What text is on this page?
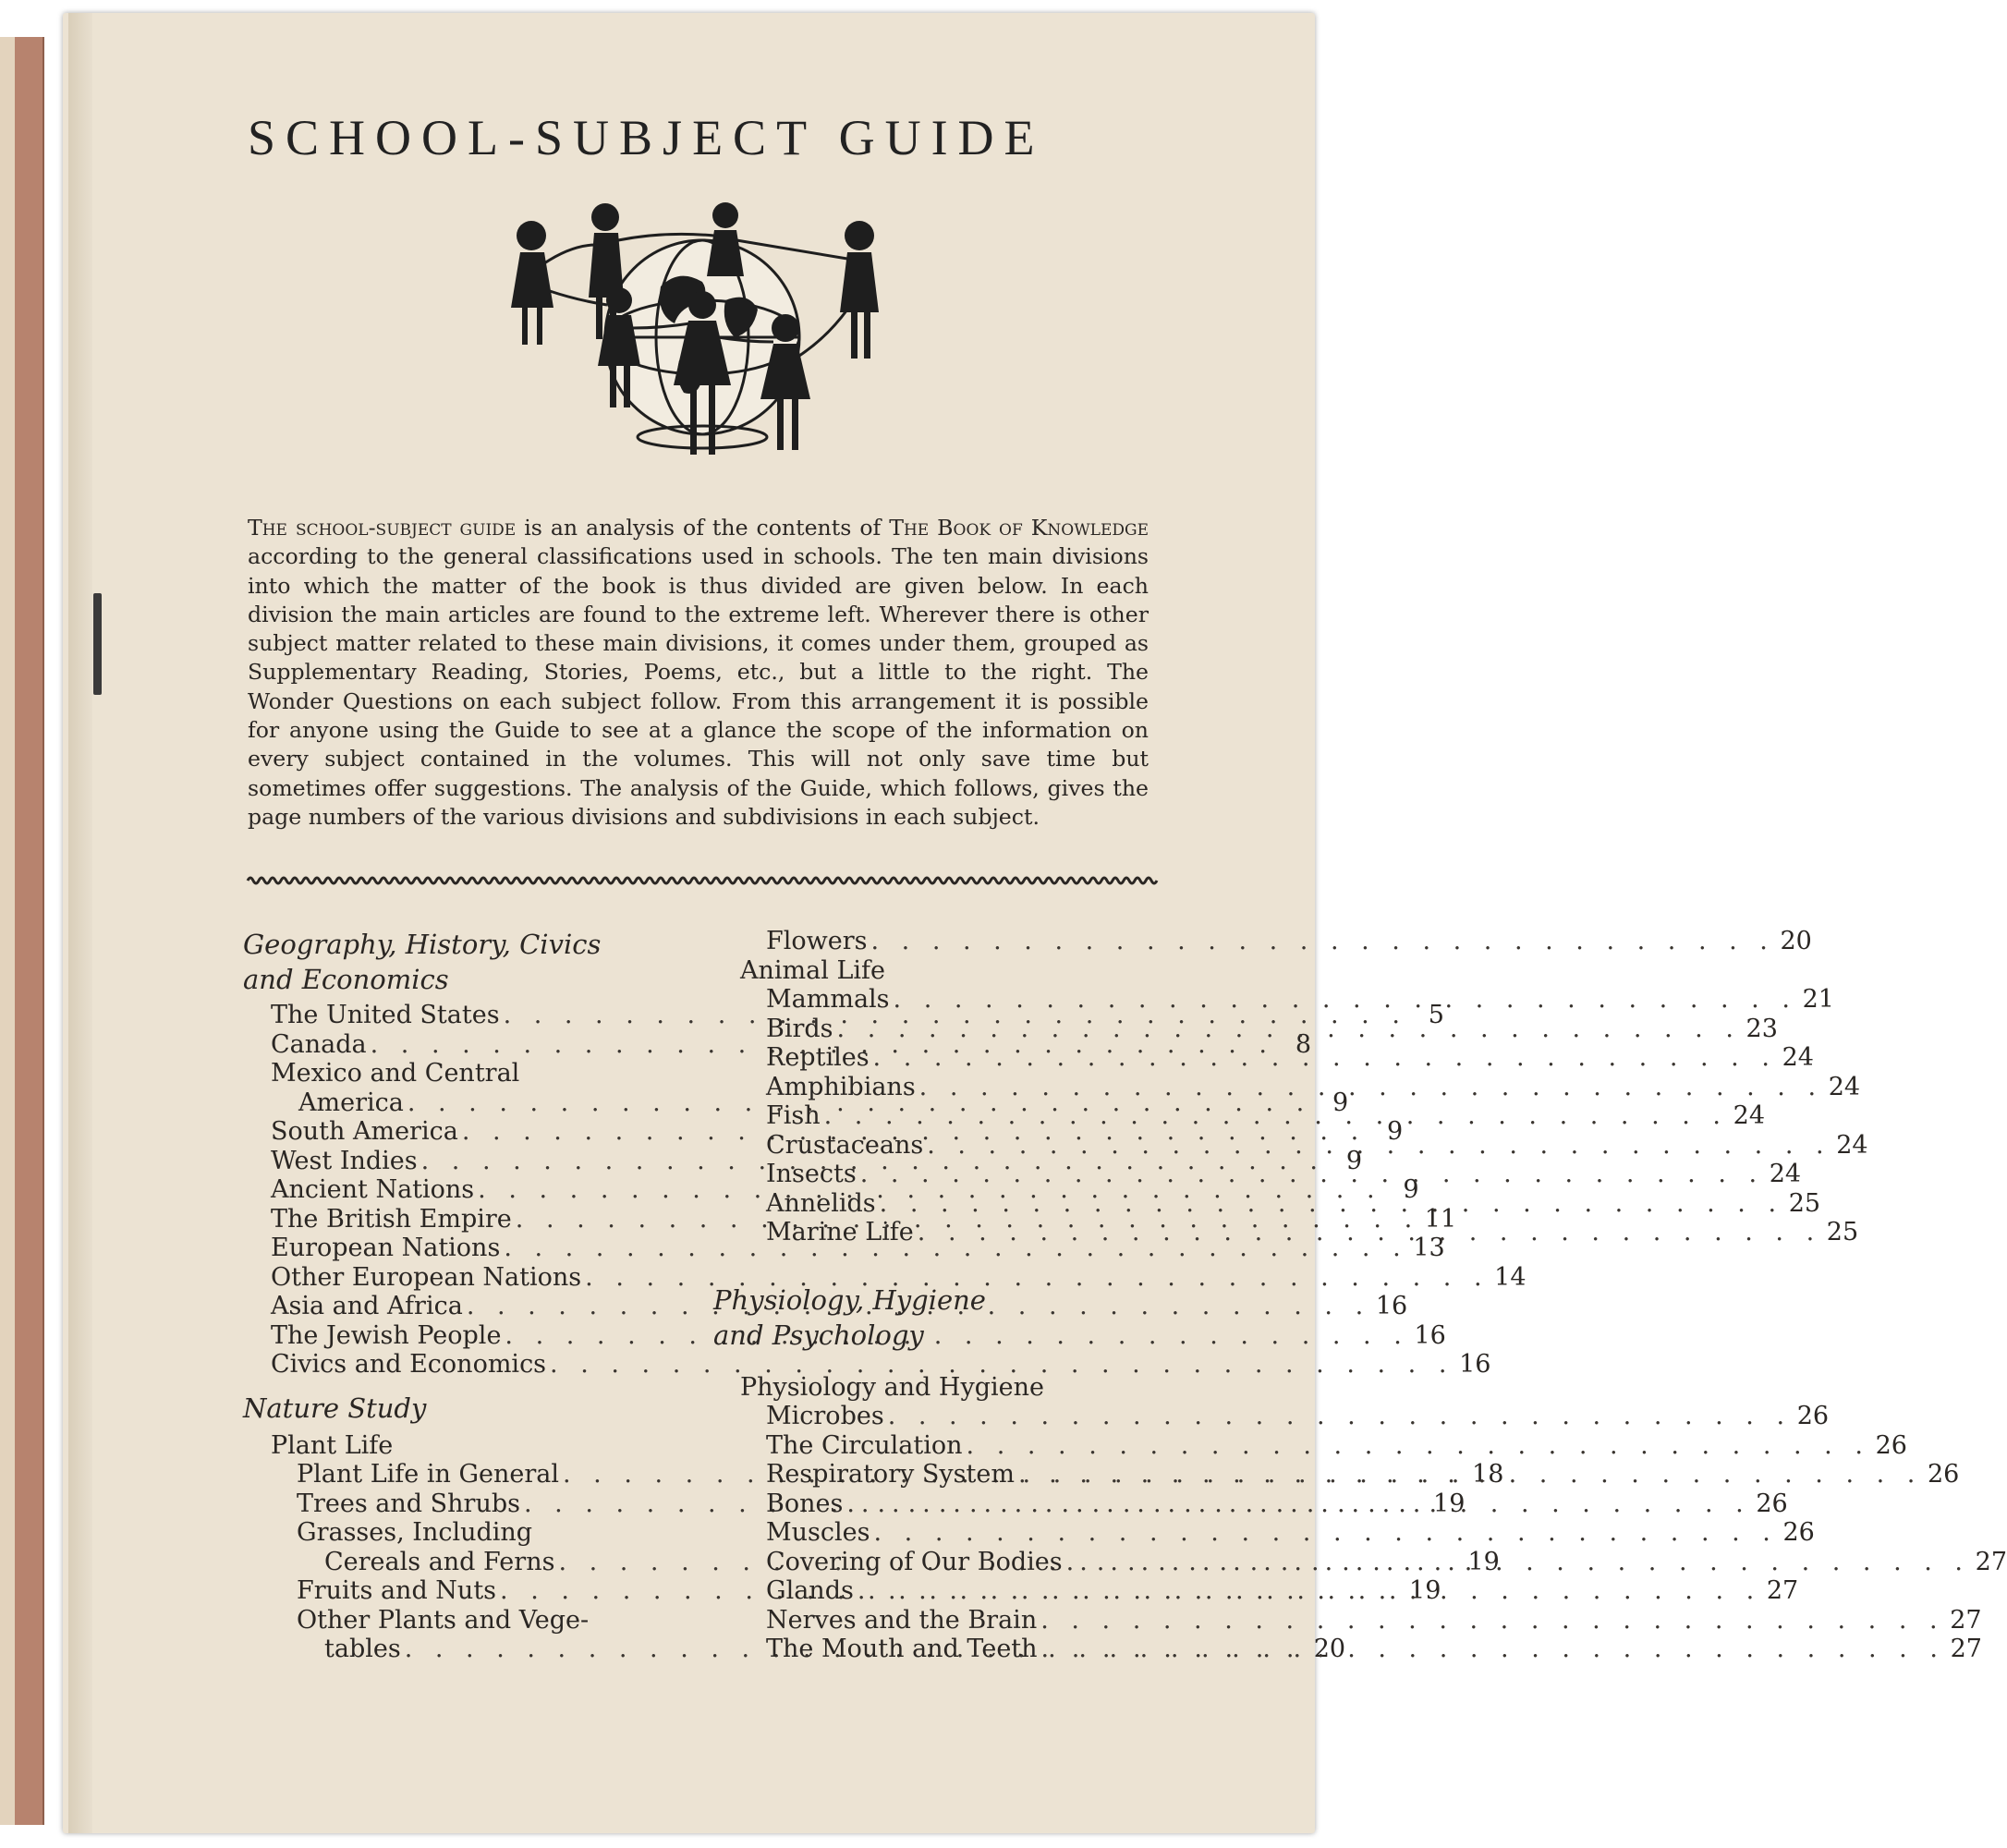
SCHOOL-SUBJECT GUIDE

The school-subject guide is an analysis of the contents of The Book of Knowledge according to the general classifications used in schools. The ten main divisions into which the matter of the book is thus divided are given below. In each division the main articles are found to the extreme left. Wherever there is other subject matter related to these main divisions, it comes under them, grouped as Supplementary Reading, Stories, Poems, etc., but a little to the right. The Wonder Questions on each subject follow. From this arrangement it is possible for anyone using the Guide to see at a glance the scope of the information on every subject contained in the volumes. This will not only save time but sometimes offer suggestions. The analysis of the Guide, which follows, gives the page numbers of the various divisions and subdivisions in each subject.

Geography, History, Civics
and Economics

The United States . . .	5
Canada . . .	8
Mexico and Central
America . . .	9
South America . . .	9
West Indies . . .	9
Ancient Nations . . .	9
The British Empire . . .	11
European Nations . . .	13
Other European Nations . . .	14
Asia and Africa . . .	16
The Jewish People . . .	16
Civics and Economics . . .	16

Nature Study

Plant Life
Plant Life in General . . .	18
Trees and Shrubs . . .	19
Grasses, Including
Cereals and Ferns . . .	19
Fruits and Nuts . . .	19
Other Plants and Vege-
tables . . .	20
Flowers . . .	20
Animal Life
Mammals . . .	21
Birds . . .	23
Reptiles . . .	24
Amphibians . . .	24
Fish . . .	24
Crustaceans . . .	24
Insects . . .	24
Annelids . . .	25
Marine Life . . .	25

Physiology, Hygiene
and Psychology

Physiology and Hygiene
Microbes . . .	26
The Circulation . . .	26
Respiratory System . . .	26
Bones . . .	26
Muscles . . .	26
Covering of Our Bodies . . .	27
Glands . . .	27
Nerves and the Brain . . .	27
The Mouth and Teeth . . .	27
